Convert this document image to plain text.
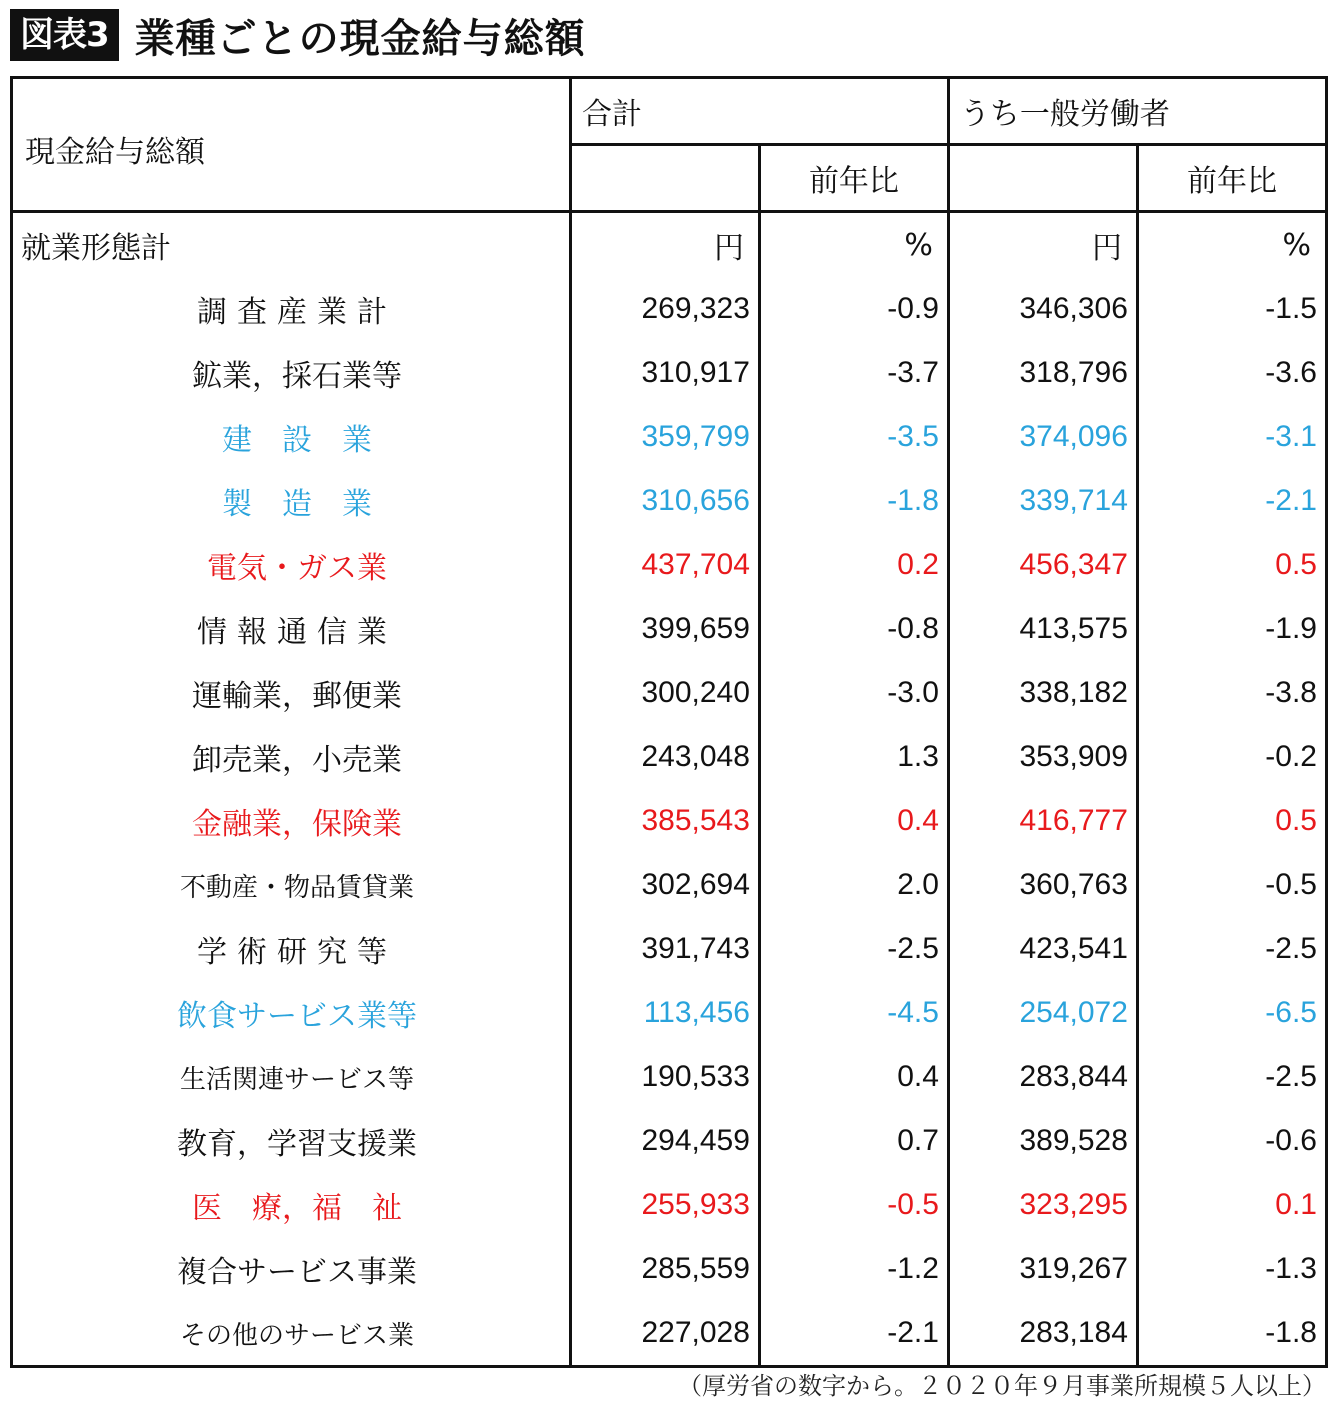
図表3 業種ごとの現金給与総額
現金給与総額	合計		うち一般労働者	
		前年比		前年比
就業形態計	円	%	円	%

調査産業計	269,323	-0.9	346,306	-1.5

鉱業，採石業等	310,917	-3.7	318,796	-3.6

建　設　業	359,799	-3.5	374,096	-3.1

製　造　業	310,656	-1.8	339,714	-2.1

電気・ガス業	437,704	0.2	456,347	0.5

情報通信業	399,659	-0.8	413,575	-1.9

運輸業，郵便業	300,240	-3.0	338,182	-3.8

卸売業，小売業	243,048	1.3	353,909	-0.2

金融業，保険業	385,543	0.4	416,777	0.5

不動産・物品賃貸業	302,694	2.0	360,763	-0.5

学術研究等	391,743	-2.5	423,541	-2.5

飲食サービス業等	113,456	-4.5	254,072	-6.5

生活関連サービス等	190,533	0.4	283,844	-2.5

教育，学習支援業	294,459	0.7	389,528	-0.6

医　療，福　祉	255,933	-0.5	323,295	0.1

複合サービス事業	285,559	-1.2	319,267	-1.3

その他のサービス業	227,028	-2.1	283,184	-1.8
（厚労省の数字から。２０２０年９月事業所規模５人以上）
